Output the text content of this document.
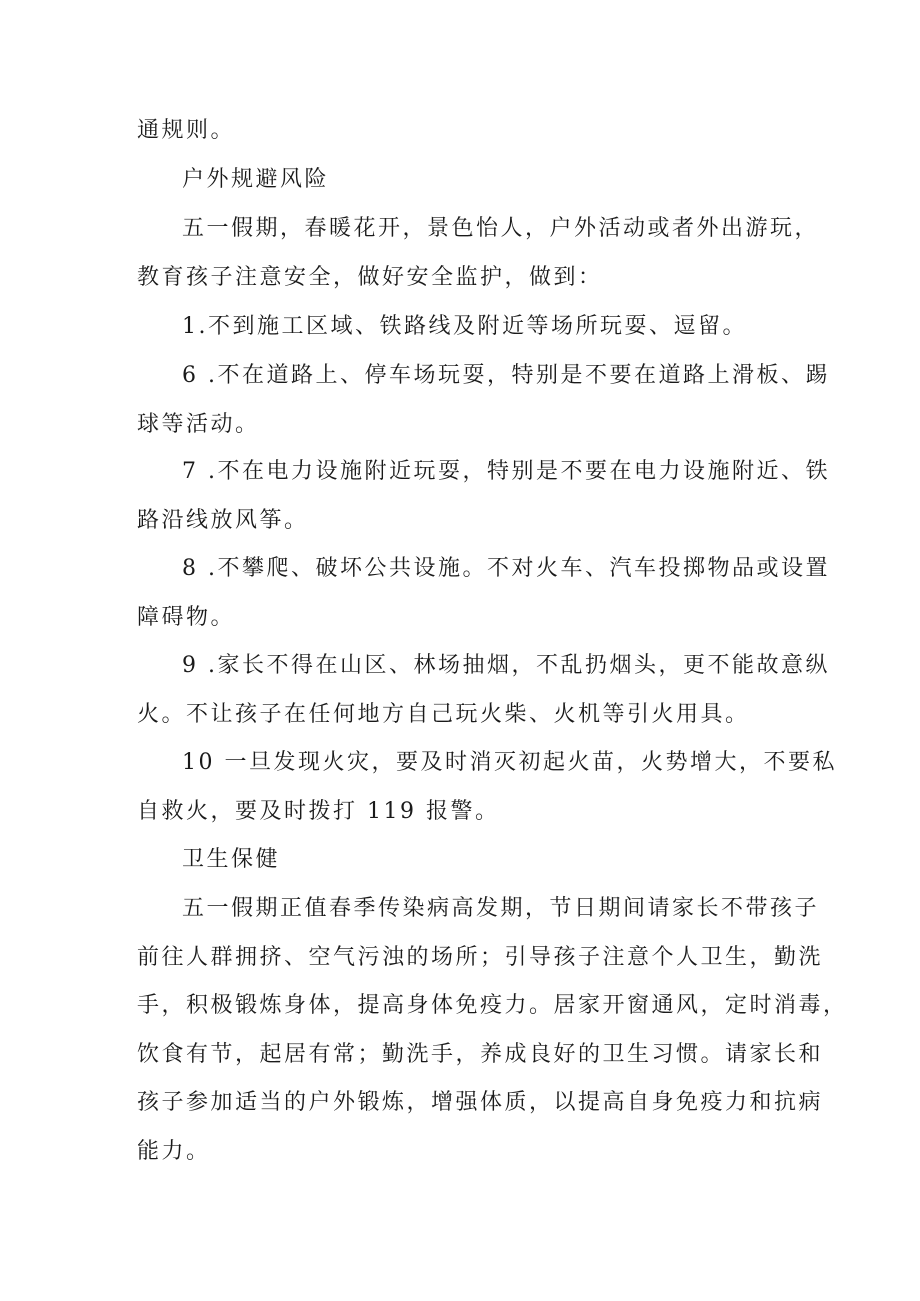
通规则。
户外规避风险
五一假期，春暖花开，景色怡人，户外活动或者外出游玩，
教育孩子注意安全，做好安全监护，做到：
1.不到施工区域、铁路线及附近等场所玩耍、逗留。
6 .不在道路上、停车场玩耍，特别是不要在道路上滑板、踢
球等活动。
7 .不在电力设施附近玩耍，特别是不要在电力设施附近、铁
路沿线放风筝。
8 .不攀爬、破坏公共设施。不对火车、汽车投掷物品或设置
障碍物。
9 .家长不得在山区、林场抽烟，不乱扔烟头，更不能故意纵
火。不让孩子在任何地方自己玩火柴、火机等引火用具。
10 一旦发现火灾，要及时消灭初起火苗，火势增大，不要私
自救火，要及时拨打 119 报警。
卫生保健
五一假期正值春季传染病高发期，节日期间请家长不带孩子
前往人群拥挤、空气污浊的场所；引导孩子注意个人卫生，勤洗
手，积极锻炼身体，提高身体免疫力。居家开窗通风，定时消毒，
饮食有节，起居有常；勤洗手，养成良好的卫生习惯。请家长和
孩子参加适当的户外锻炼，增强体质，以提高自身免疫力和抗病
能力。
